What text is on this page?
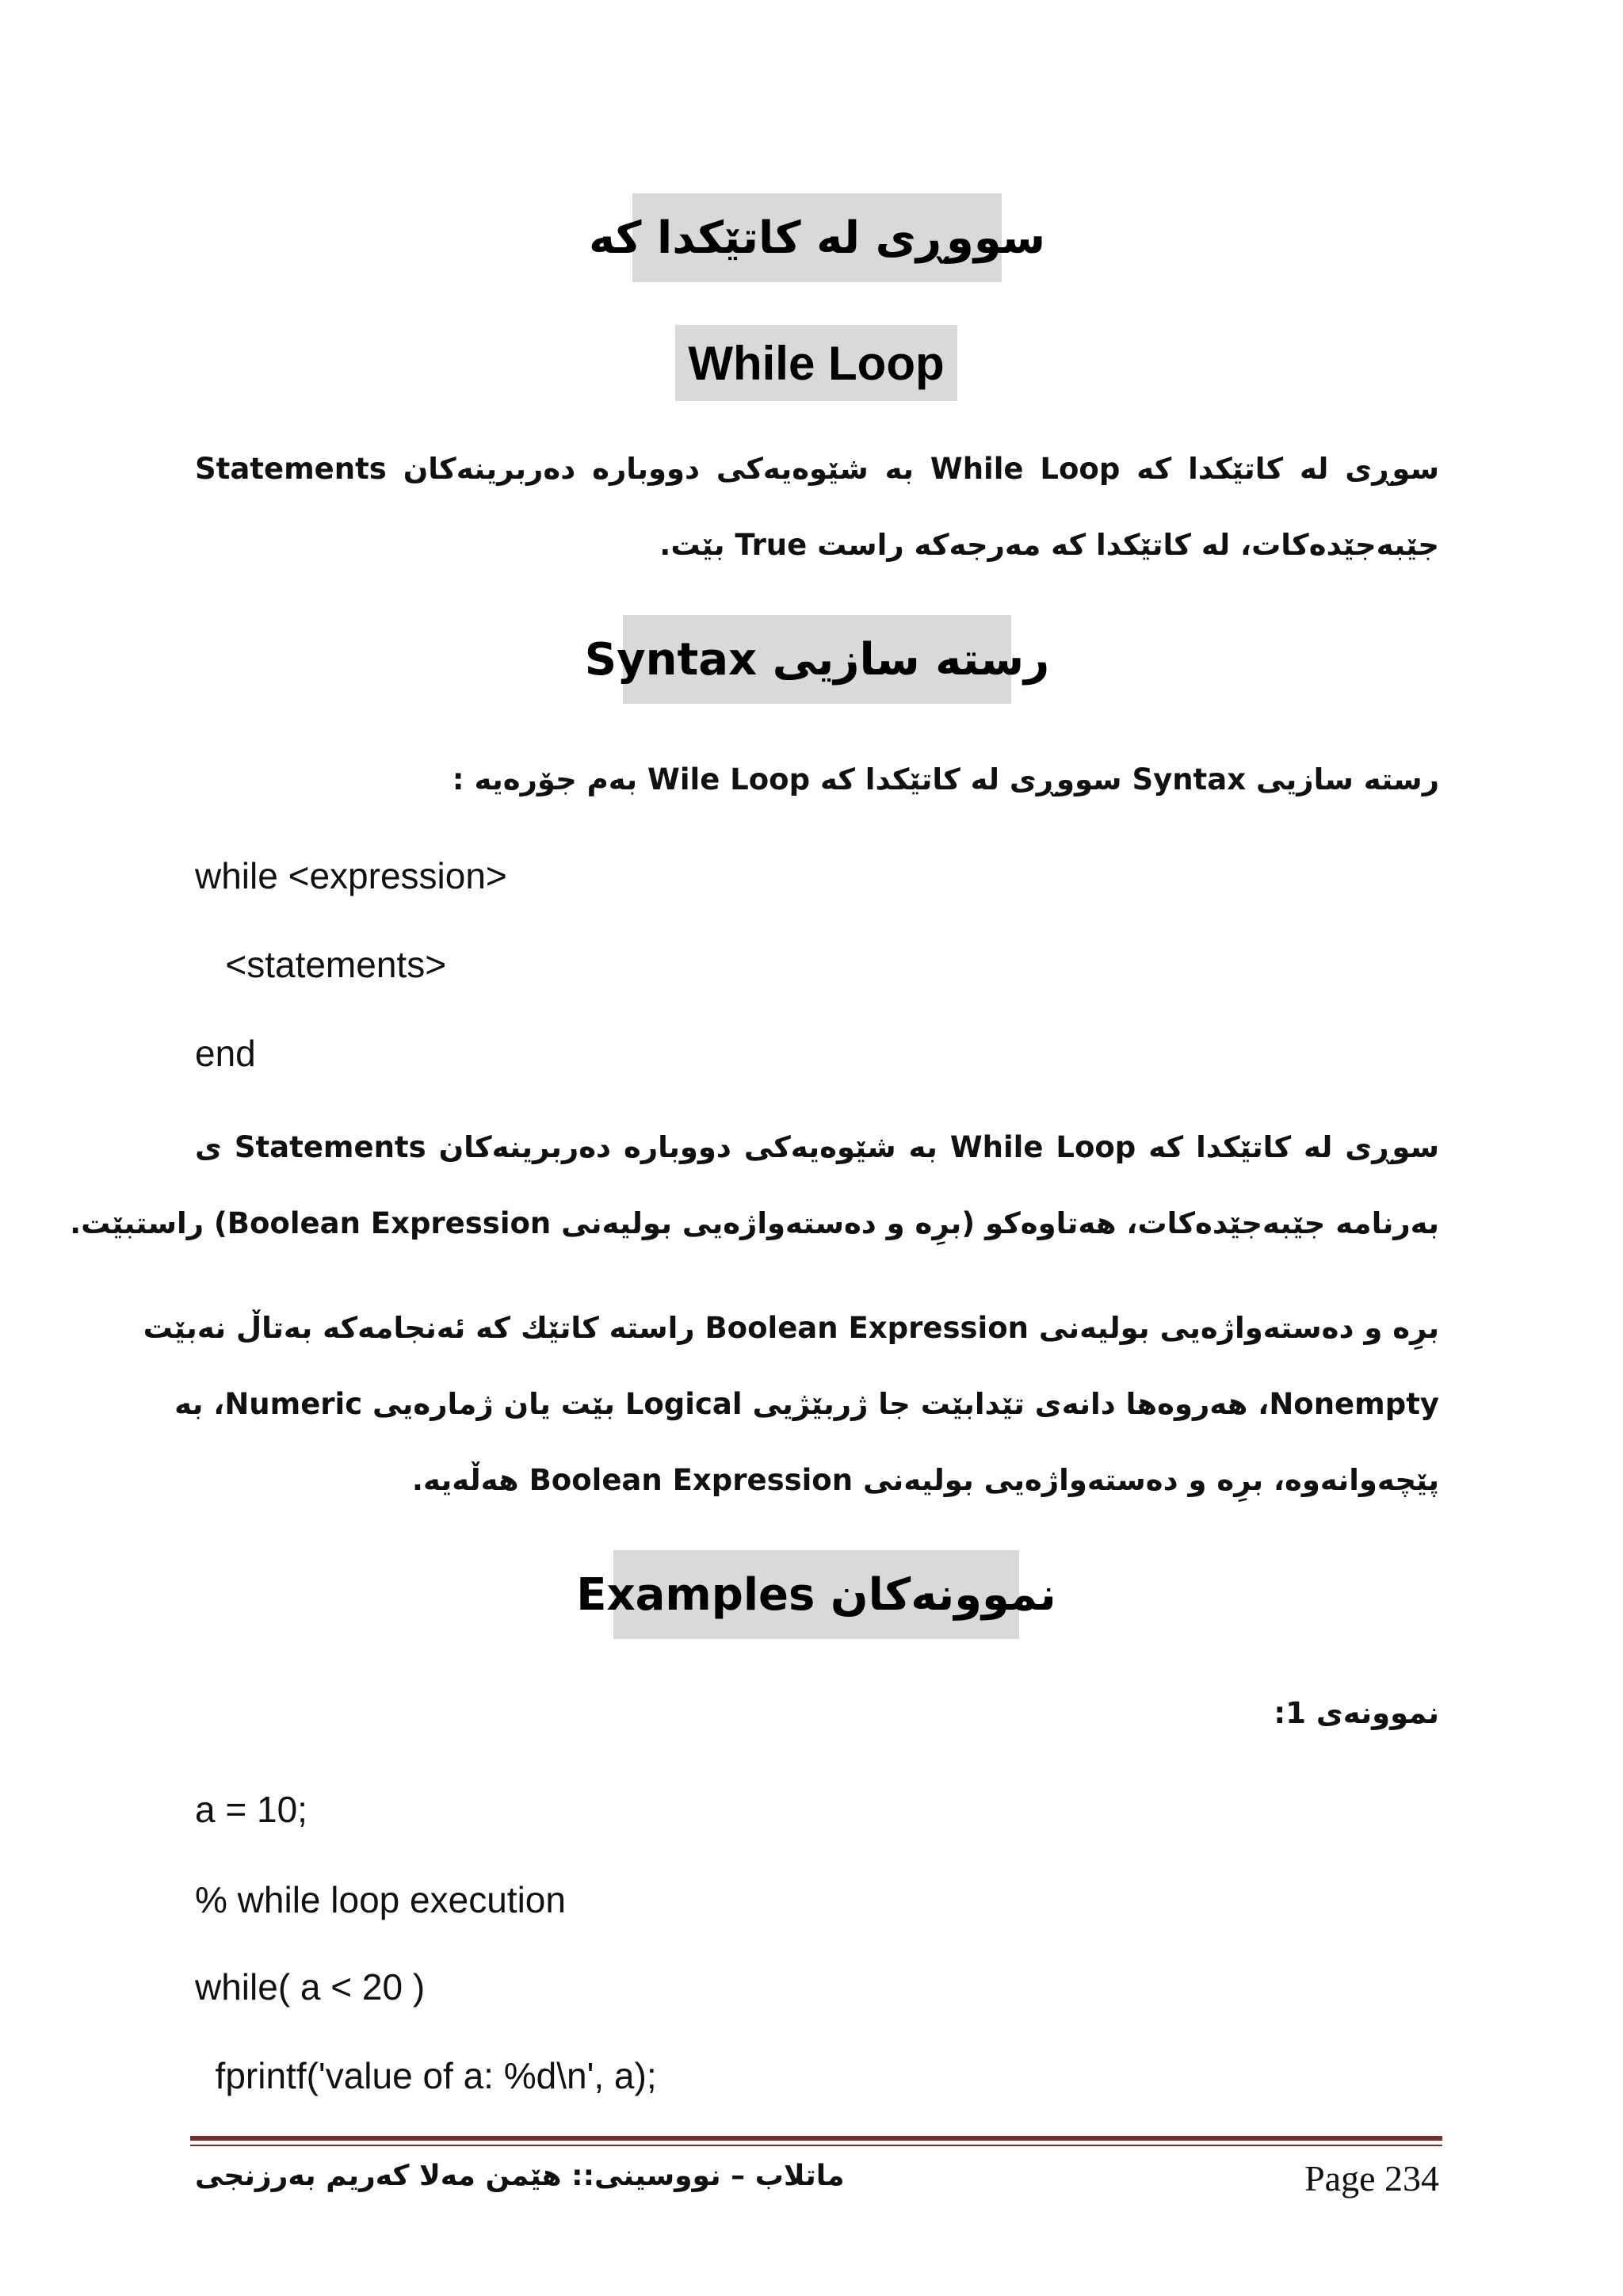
سووڕی لە کاتێکدا کە
While Loop
سوڕی لە کاتێکدا کە While Loop بە شێوەیەکی دووبارە دەربرینەکان Statements
جێبەجێدەکات، لە کاتێکدا کە مەرجەکە راست True بێت.
رستە سازیی Syntax
رستە سازیی Syntax سووڕی لە کاتێکدا کە Wile Loop بەم جۆرەیە :
while <expression>
<statements>
end
سوڕی لە کاتێکدا کە While Loop بە شێوەیەکی دووبارە دەربرینەکان Statements ی
بەرنامە جێبەجێدەکات، هەتاوەکو (برِە و دەستەواژەیی بولیەنی Boolean Expression) راستبێت.
برِە و دەستەواژەیی بولیەنی Boolean Expression راستە کاتێك کە ئەنجامەکە بەتاڵ نەبێت
Nonempty، هەروەها دانەی تێدابێت جا ژربێژیی Logical بێت یان ژمارەیی Numeric، بە
پێچەوانەوە، برِە و دەستەواژەیی بولیەنی Boolean Expression هەڵەیە.
نموونەکان Examples
نموونەی 1:
a = 10;
% while loop execution
while( a < 20 )
fprintf('value of a: %d\n', a);
ماتلاب – نووسینی:: هێمن مەلا کەریم بەرزنجی	Page 234
